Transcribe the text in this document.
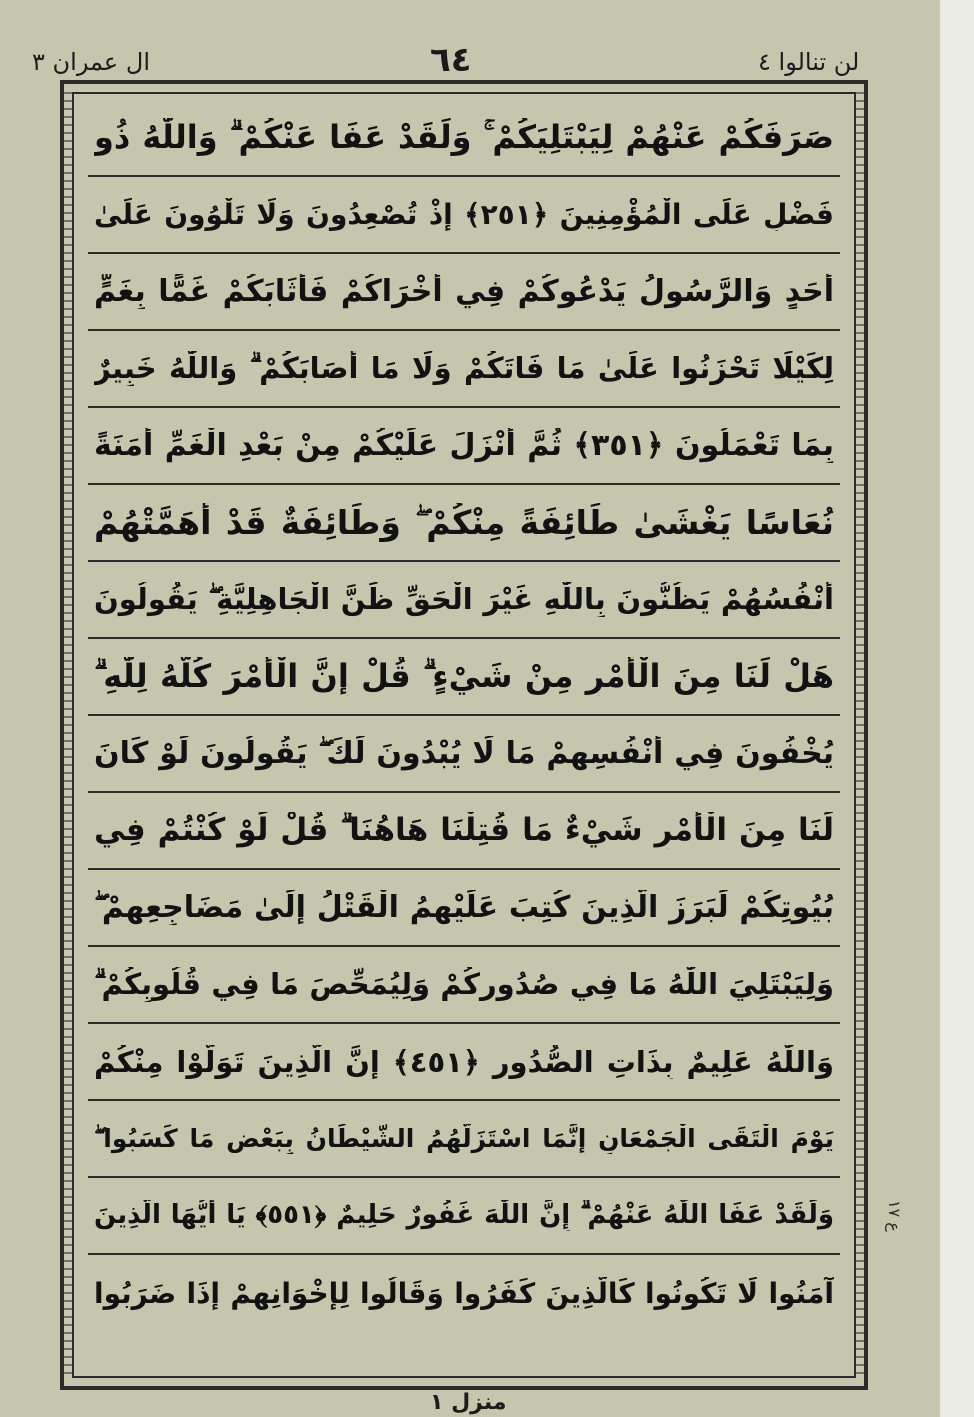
ال عمران ۳	٦٤	لن تنالوا ٤
صَرَفَكُمْ عَنْهُمْ لِيَبْتَلِيَكُمْ ۚ وَلَقَدْ عَفَا عَنْكُمْ ۗ وَاللّٰهُ ذُو
فَضْلٍ عَلَى الْمُؤْمِنِينَ ﴿١٥٢﴾ إِذْ تُصْعِدُونَ وَلَا تَلْوُونَ عَلَىٰ
أَحَدٍ وَالرَّسُولُ يَدْعُوكُمْ فِي أُخْرَاكُمْ فَأَثَابَكُمْ غَمًّا بِغَمٍّ
لِكَيْلَا تَحْزَنُوا عَلَىٰ مَا فَاتَكُمْ وَلَا مَا أَصَابَكُمْ ۗ وَاللّٰهُ خَبِيرٌ
بِمَا تَعْمَلُونَ ﴿١٥٣﴾ ثُمَّ أَنْزَلَ عَلَيْكُمْ مِنْ بَعْدِ الْغَمِّ أَمَنَةً
نُعَاسًا يَغْشَىٰ طَائِفَةً مِنْكُمْ ۖ وَطَائِفَةٌ قَدْ أَهَمَّتْهُمْ
أَنْفُسُهُمْ يَظُنُّونَ بِاللّٰهِ غَيْرَ الْحَقِّ ظَنَّ الْجَاهِلِيَّةِ ۖ يَقُولُونَ
هَلْ لَنَا مِنَ الْأَمْرِ مِنْ شَيْءٍ ۗ قُلْ إِنَّ الْأَمْرَ كُلَّهُ لِلّٰهِ ۗ
يُخْفُونَ فِي أَنْفُسِهِمْ مَا لَا يُبْدُونَ لَكَ ۖ يَقُولُونَ لَوْ كَانَ
لَنَا مِنَ الْأَمْرِ شَيْءٌ مَا قُتِلْنَا هَاهُنَا ۗ قُلْ لَوْ كُنْتُمْ فِي
بُيُوتِكُمْ لَبَرَزَ الَّذِينَ كُتِبَ عَلَيْهِمُ الْقَتْلُ إِلَىٰ مَضَاجِعِهِمْ ۖ
وَلِيَبْتَلِيَ اللّٰهُ مَا فِي صُدُورِكُمْ وَلِيُمَحِّصَ مَا فِي قُلُوبِكُمْ ۗ
وَاللّٰهُ عَلِيمٌ بِذَاتِ الصُّدُورِ ﴿١٥٤﴾ إِنَّ الَّذِينَ تَوَلَّوْا مِنْكُمْ
يَوْمَ الْتَقَى الْجَمْعَانِ إِنَّمَا اسْتَزَلَّهُمُ الشَّيْطَانُ بِبَعْضِ مَا كَسَبُوا ۖ
وَلَقَدْ عَفَا اللّٰهُ عَنْهُمْ ۗ إِنَّ اللّٰهَ غَفُورٌ حَلِيمٌ ﴿١٥٥﴾ يَا أَيُّهَا الَّذِينَ
آمَنُوا لَا تَكُونُوا كَالَّذِينَ كَفَرُوا وَقَالُوا لِإِخْوَانِهِمْ إِذَا ضَرَبُوا
ع ١٧
منزل ١
